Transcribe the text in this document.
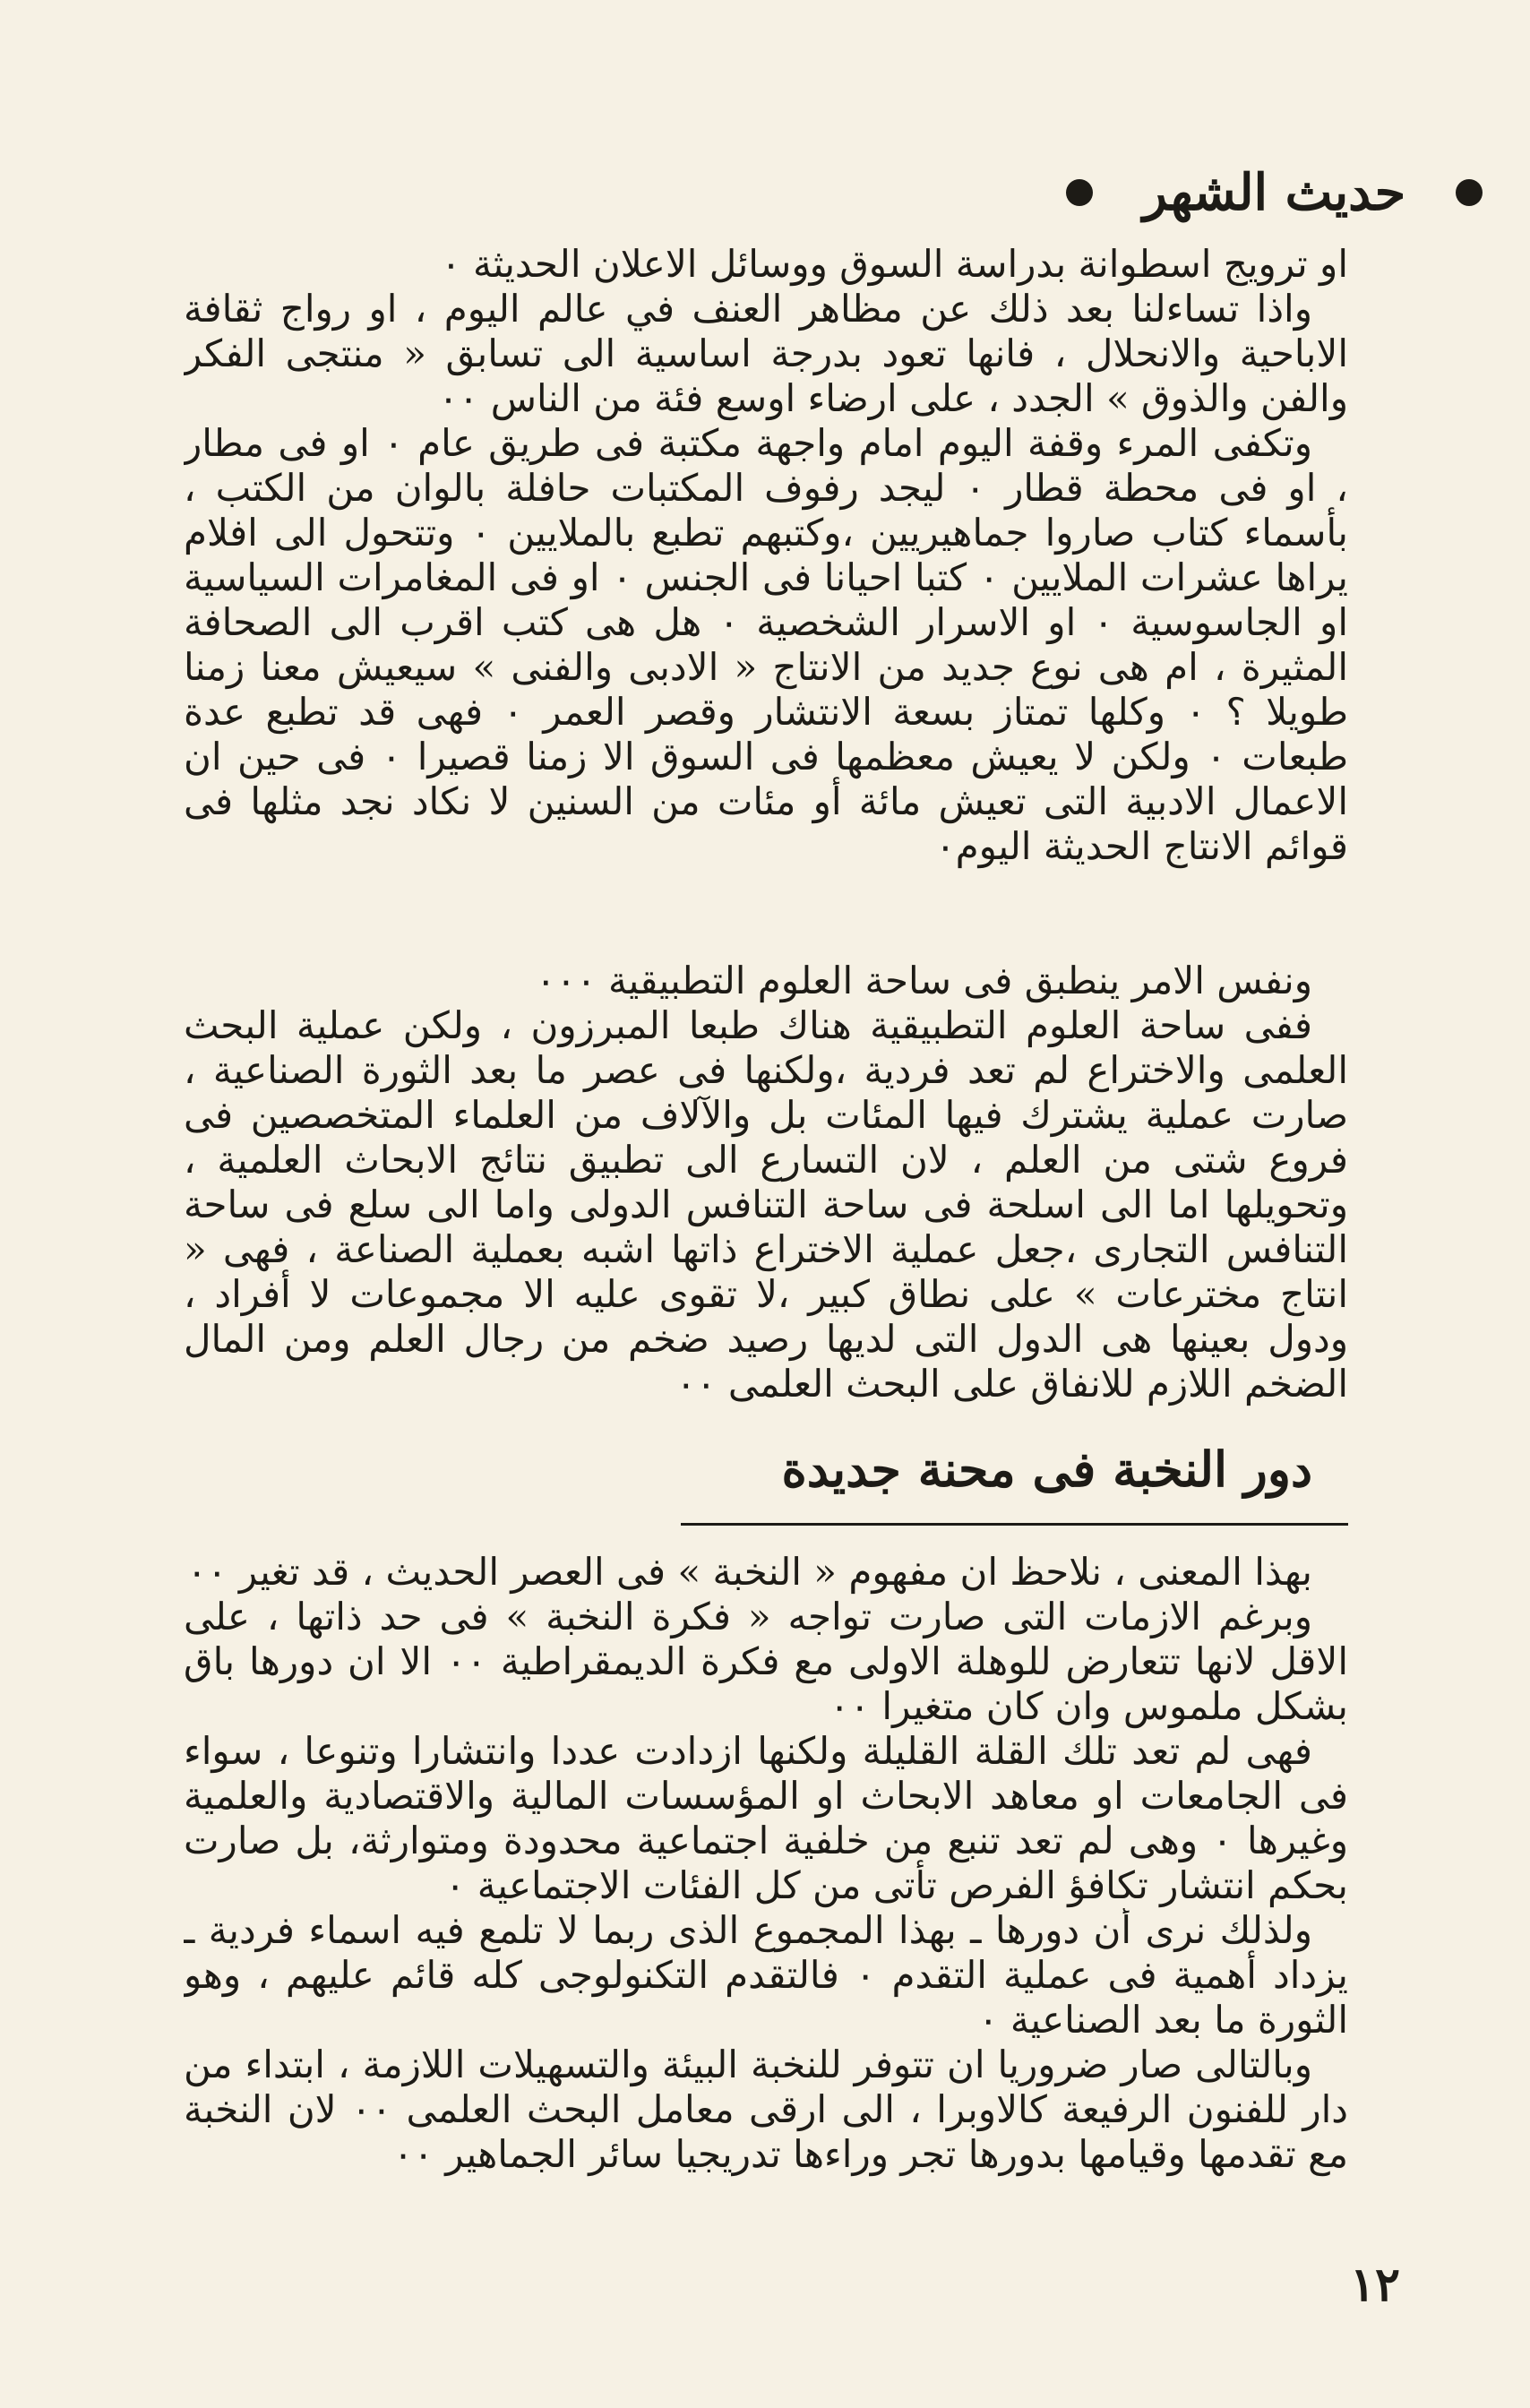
حديث الشهر

او ترويج اسطوانة بدراسة السوق ووسائل الاعلان الحديثة ٠

واذا تساءلنا بعد ذلك عن مظاهر العنف في عالم اليوم ، او رواج ثقافة الاباحية والانحلال ، فانها تعود بدرجة اساسية الى تسابق « منتجى الفكر والفن والذوق » الجدد ، على ارضاء اوسع فئة من الناس ٠٠

وتكفى المرء وقفة اليوم امام واجهة مكتبة فى طريق عام ٠ او فى مطار ، او فى محطة قطار ٠ ليجد رفوف المكتبات حافلة بالوان من الكتب ، بأسماء كتاب صاروا جماهيريين ،وكتبهم تطبع بالملايين ٠ وتتحول الى افلام يراها عشرات الملايين ٠ كتبا احيانا فى الجنس ٠ او فى المغامرات السياسية او الجاسوسية ٠ او الاسرار الشخصية ٠ هل هى كتب اقرب الى الصحافة المثيرة ، ام هى نوع جديد من الانتاج « الادبى والفنى » سيعيش معنا زمنا طويلا ؟ ٠ وكلها تمتاز بسعة الانتشار وقصر العمر ٠ فهى قد تطبع عدة طبعات ٠ ولكن لا يعيش معظمها فى السوق الا زمنا قصيرا ٠ فى حين ان الاعمال الادبية التى تعيش مائة أو مئات من السنين لا نكاد نجد مثلها فى قوائم الانتاج الحديثة اليوم٠

ونفس الامر ينطبق فى ساحة العلوم التطبيقية ٠٠٠

ففى ساحة العلوم التطبيقية هناك طبعا المبرزون ، ولكن عملية البحث العلمى والاختراع لم تعد فردية ،ولكنها فى عصر ما بعد الثورة الصناعية ، صارت عملية يشترك فيها المئات بل والآلاف من العلماء المتخصصين فى فروع شتى من العلم ، لان التسارع الى تطبيق نتائج الابحاث العلمية ، وتحويلها اما الى اسلحة فى ساحة التنافس الدولى واما الى سلع فى ساحة التنافس التجارى ،جعل عملية الاختراع ذاتها اشبه بعملية الصناعة ، فهى « انتاج مخترعات » على نطاق كبير ،لا تقوى عليه الا مجموعات لا أفراد ، ودول بعينها هى الدول التى لديها رصيد ضخم من رجال العلم ومن المال الضخم اللازم للانفاق على البحث العلمى ٠٠

دور النخبة فى محنة جديدة

بهذا المعنى ، نلاحظ ان مفهوم « النخبة » فى العصر الحديث ، قد تغير ٠٠

وبرغم الازمات التى صارت تواجه « فكرة النخبة » فى حد ذاتها ، على الاقل لانها تتعارض للوهلة الاولى مع فكرة الديمقراطية ٠٠ الا ان دورها باق بشكل ملموس وان كان متغيرا ٠٠

فهى لم تعد تلك القلة القليلة ولكنها ازدادت عددا وانتشارا وتنوعا ، سواء فى الجامعات او معاهد الابحاث او المؤسسات المالية والاقتصادية والعلمية وغيرها ٠ وهى لم تعد تنبع من خلفية اجتماعية محدودة ومتوارثة، بل صارت بحكم انتشار تكافؤ الفرص تأتى من كل الفئات الاجتماعية ٠

ولذلك نرى أن دورها ـ بهذا المجموع الذى ربما لا تلمع فيه اسماء فردية ـ يزداد أهمية فى عملية التقدم ٠ فالتقدم التكنولوجى كله قائم عليهم ، وهو الثورة ما بعد الصناعية ٠

وبالتالى صار ضروريا ان تتوفر للنخبة البيئة والتسهيلات اللازمة ، ابتداء من دار للفنون الرفيعة كالاوبرا ، الى ارقى معامل البحث العلمى ٠٠ لان النخبة مع تقدمها وقيامها بدورها تجر وراءها تدريجيا سائر الجماهير ٠٠

١٢
